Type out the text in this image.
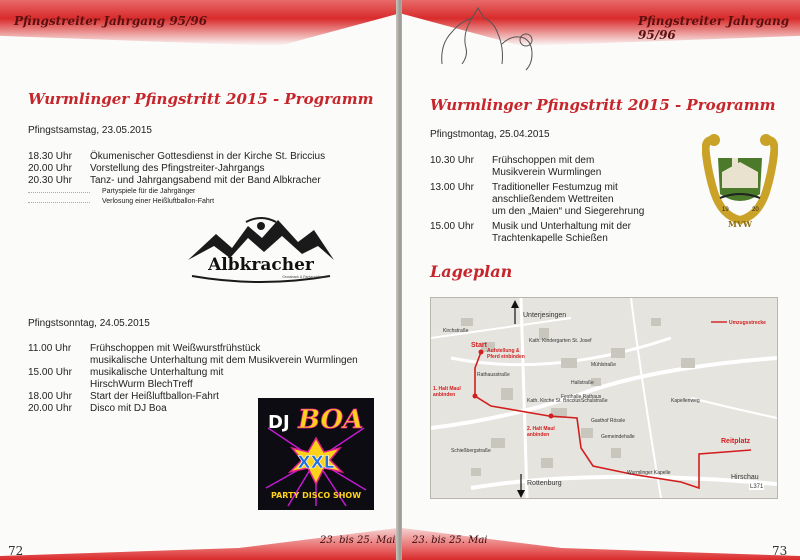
Pfingstreiter Jahrgang 95/96
Wurmlinger Pfingstritt 2015 - Programm
Pfingstsamstag, 23.05.2015
18.30 Uhr	Ökumenischer Gottesdienst in der Kirche St. Briccius
20.00 Uhr	Vorstellung des Pfingstreiter-Jahrgangs
20.30 Uhr	Tanz- und Jahrgangsabend mit der Band Albkracher
Partyspiele für die Jahrgänger
Verlosung einer Heißluftballon-Fahrt
Albkracher
Grossback & Partyrockband
Pfingstsonntag, 24.05.2015
11.00 Uhr	Frühschoppen mit Weißwurstfrühstück
musikalische Unterhaltung mit dem Musikverein Wurmlingen
15.00 Uhr	musikalische Unterhaltung mit
HirschWurm BlechTreff
18.00 Uhr	Start der Heißluftballon-Fahrt
20.00 Uhr	Disco mit DJ Boa
DJ BOA
XXL
PARTY DISCO SHOW
23. bis 25. Mai
72
Pfingstreiter Jahrgang 95/96
Wurmlinger Pfingstritt 2015 - Programm
Pfingstmontag, 25.04.2015
10.30 Uhr	Frühschoppen mit dem
Musikverein Wurmlingen
13.00 Uhr	Traditioneller Festumzug mit
anschließendem Wettreiten
um den „Maien“ und Siegerehrung
15.00 Uhr	Musik und Unterhaltung mit der
Trachtenkapelle Schießen
19	20
MVW
Lageplan
Unterjesingen
Rottenburg
Hirschau
L371
Umzugsstrecke
Start
Aufstellung & Pferd einbinden
1. Halt Maul anbinden
2. Halt Maul anbinden
Reitplatz
Kath. Kindergarten St. Josef
Kirchstraße
Hallstraße
Mühlstraße
Kapellenweg
Rathausstraße
Schulstraße
Kath. Kirche St. Briccius
Festhalle Rathaus
Gasthof Rössle
Gemeindehalle
Wurmlinger Kapelle
Schießbergstraße
23. bis 25. Mai
73
